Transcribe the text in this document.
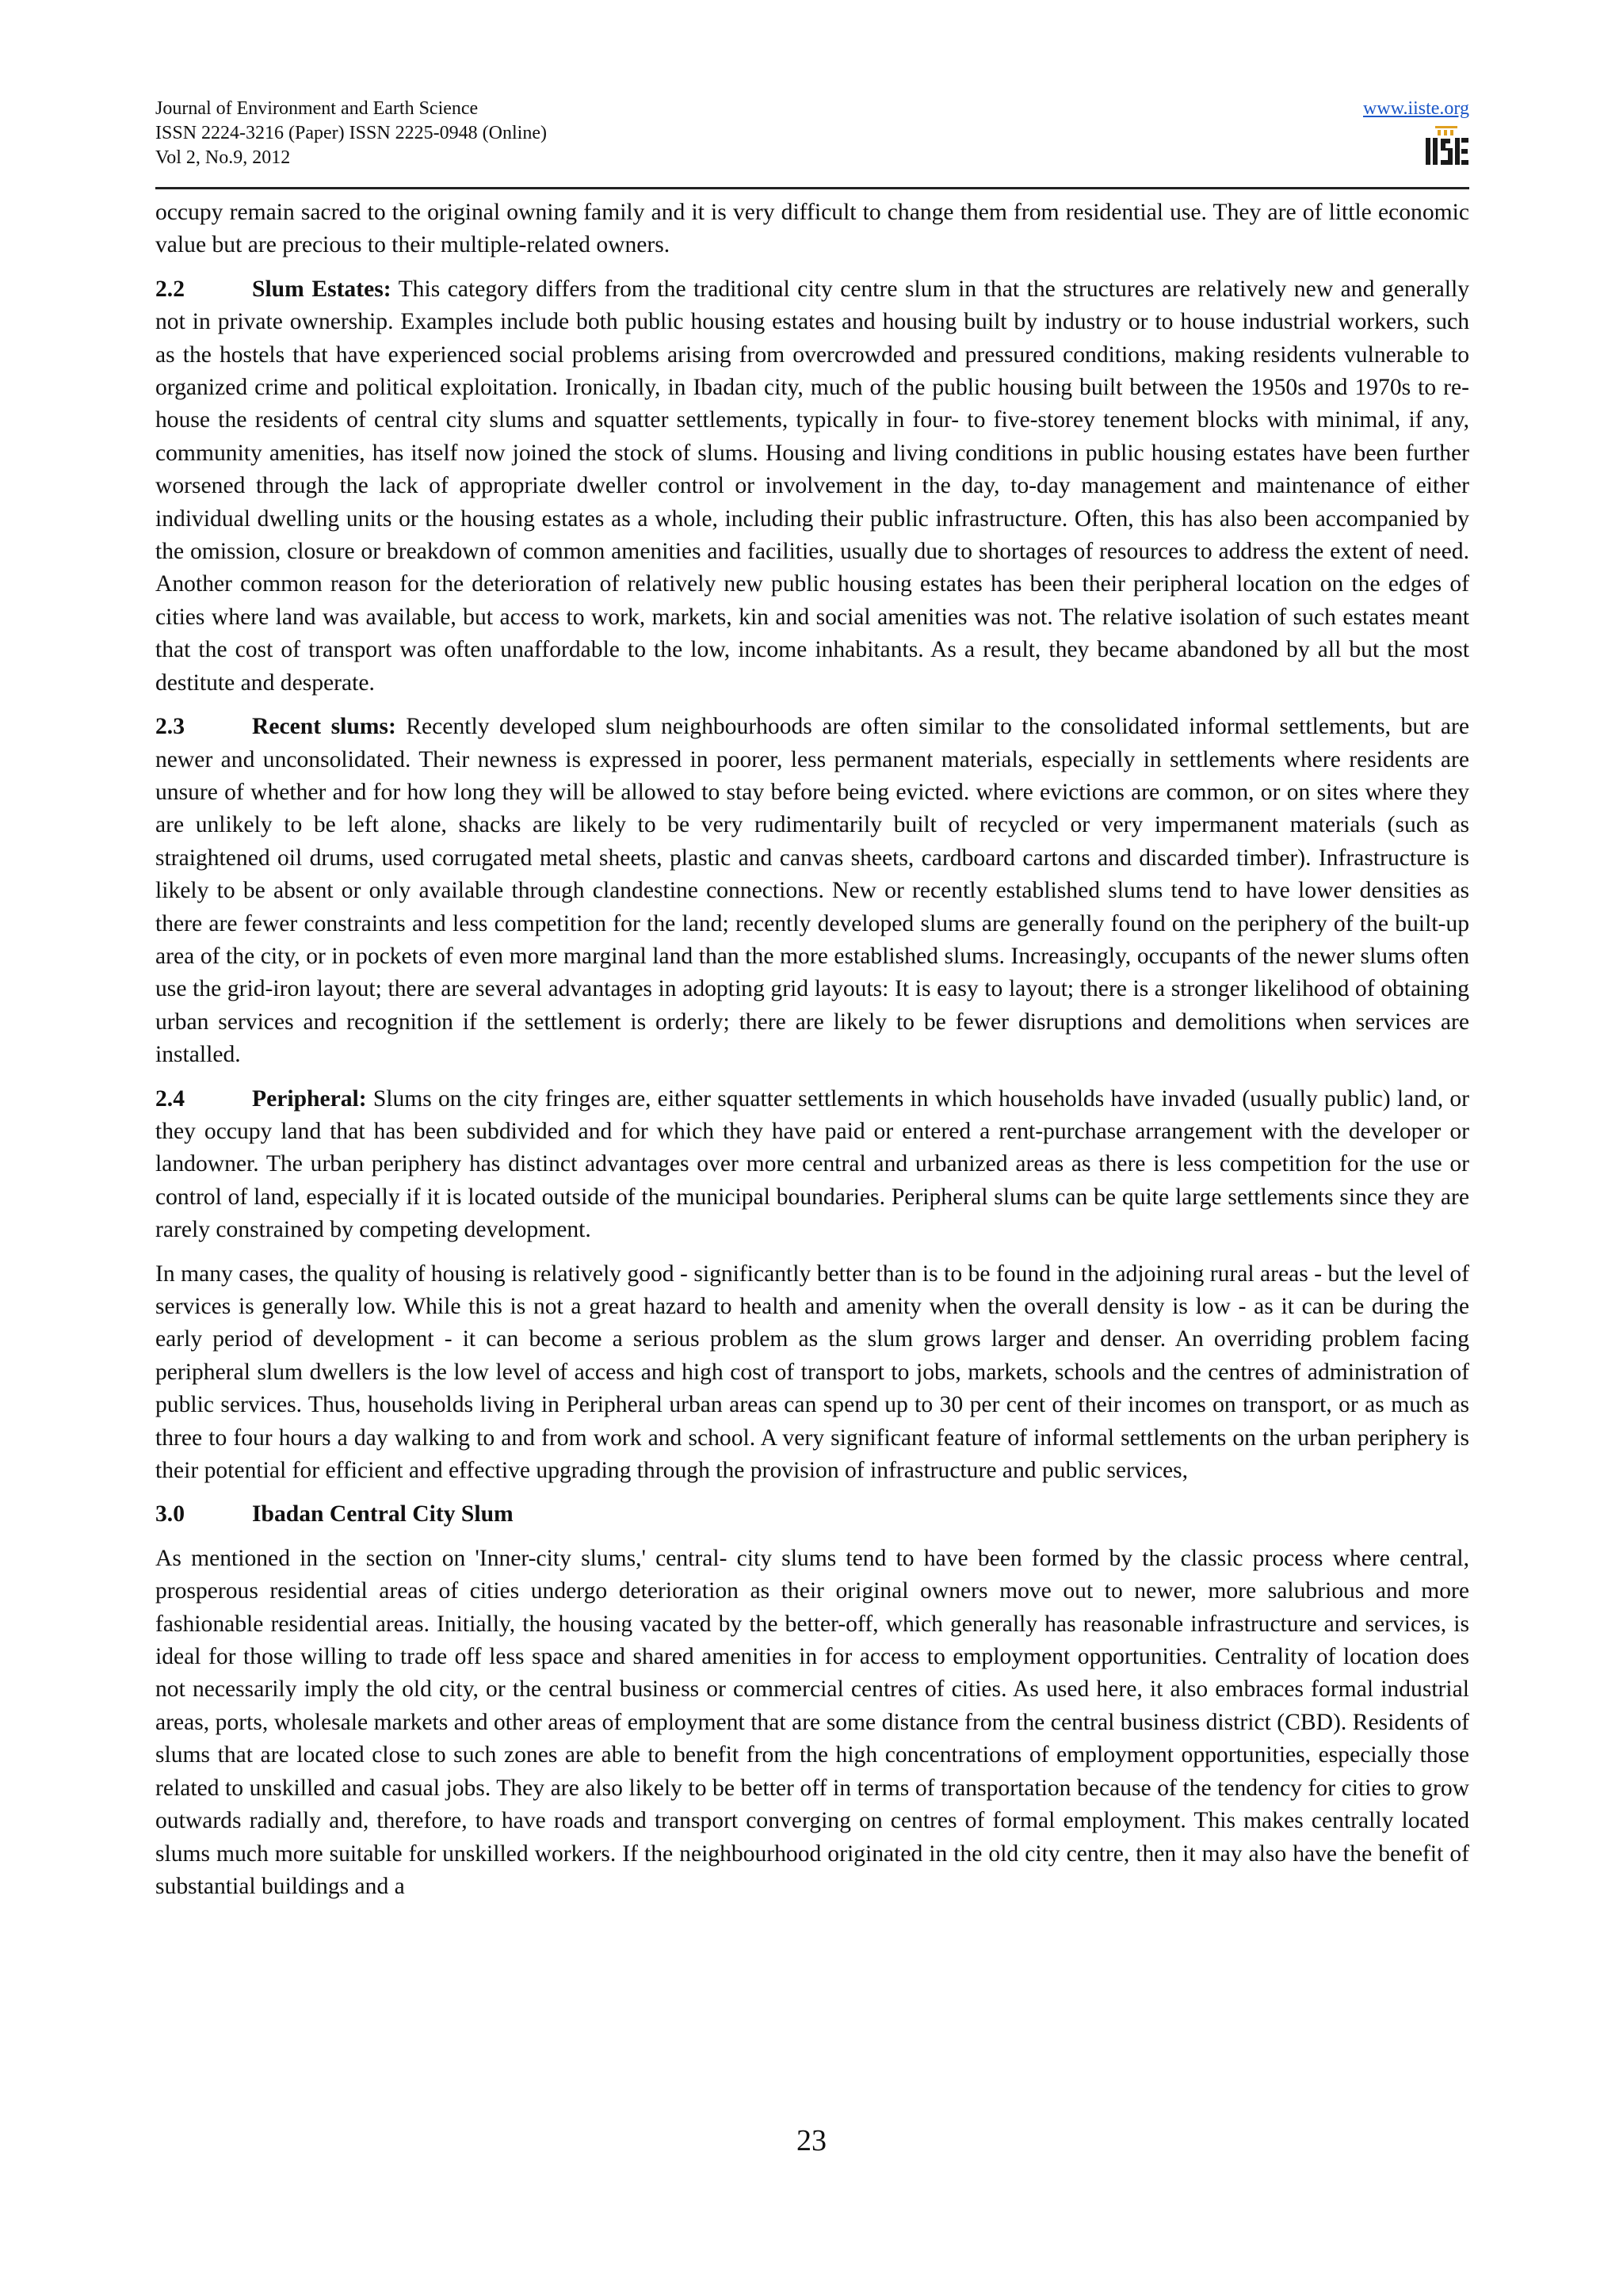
Journal of Environment and Earth Science
ISSN 2224-3216 (Paper) ISSN 2225-0948 (Online)
Vol 2, No.9, 2012
www.iiste.org

occupy remain sacred to the original owning family and it is very difficult to change them from residential use. They are of little economic value but are precious to their multiple-related owners.

2.2	Slum Estates: This category differs from the traditional city centre slum in that the structures are relatively new and generally not in private ownership. Examples include both public housing estates and housing built by industry or to house industrial workers, such as the hostels that have experienced social problems arising from overcrowded and pressured conditions, making residents vulnerable to organized crime and political exploitation. Ironically, in Ibadan city, much of the public housing built between the 1950s and 1970s to re-house the residents of central city slums and squatter settlements, typically in four- to five-storey tenement blocks with minimal, if any, community amenities, has itself now joined the stock of slums. Housing and living conditions in public housing estates have been further worsened through the lack of appropriate dweller control or involvement in the day, to-day management and maintenance of either individual dwelling units or the housing estates as a whole, including their public infrastructure. Often, this has also been accompanied by the omission, closure or breakdown of common amenities and facilities, usually due to shortages of resources to address the extent of need. Another common reason for the deterioration of relatively new public housing estates has been their peripheral location on the edges of cities where land was available, but access to work, markets, kin and social amenities was not. The relative isolation of such estates meant that the cost of transport was often unaffordable to the low, income inhabitants. As a result, they became abandoned by all but the most destitute and desperate.

2.3	Recent slums: Recently developed slum neighbourhoods are often similar to the consolidated informal settlements, but are newer and unconsolidated. Their newness is expressed in poorer, less permanent materials, especially in settlements where residents are unsure of whether and for how long they will be allowed to stay before being evicted. where evictions are common, or on sites where they are unlikely to be left alone, shacks are likely to be very rudimentarily built of recycled or very impermanent materials (such as straightened oil drums, used corrugated metal sheets, plastic and canvas sheets, cardboard cartons and discarded timber). Infrastructure is likely to be absent or only available through clandestine connections. New or recently established slums tend to have lower densities as there are fewer constraints and less competition for the land; recently developed slums are generally found on the periphery of the built-up area of the city, or in pockets of even more marginal land than the more established slums. Increasingly, occupants of the newer slums often use the grid-iron layout; there are several advantages in adopting grid layouts: It is easy to layout; there is a stronger likelihood of obtaining urban services and recognition if the settlement is orderly; there are likely to be fewer disruptions and demolitions when services are installed.

2.4	Peripheral: Slums on the city fringes are, either squatter settlements in which households have invaded (usually public) land, or they occupy land that has been subdivided and for which they have paid or entered a rent-purchase arrangement with the developer or landowner. The urban periphery has distinct advantages over more central and urbanized areas as there is less competition for the use or control of land, especially if it is located outside of the municipal boundaries. Peripheral slums can be quite large settlements since they are rarely constrained by competing development.

In many cases, the quality of housing is relatively good - significantly better than is to be found in the adjoining rural areas - but the level of services is generally low. While this is not a great hazard to health and amenity when the overall density is low - as it can be during the early period of development - it can become a serious problem as the slum grows larger and denser. An overriding problem facing peripheral slum dwellers is the low level of access and high cost of transport to jobs, markets, schools and the centres of administration of public services. Thus, households living in Peripheral urban areas can spend up to 30 per cent of their incomes on transport, or as much as three to four hours a day walking to and from work and school. A very significant feature of informal settlements on the urban periphery is their potential for efficient and effective upgrading through the provision of infrastructure and public services,

3.0	Ibadan Central City Slum

As mentioned in the section on 'Inner-city slums,' central- city slums tend to have been formed by the classic process where central, prosperous residential areas of cities undergo deterioration as their original owners move out to newer, more salubrious and more fashionable residential areas. Initially, the housing vacated by the better-off, which generally has reasonable infrastructure and services, is ideal for those willing to trade off less space and shared amenities in for access to employment opportunities. Centrality of location does not necessarily imply the old city, or the central business or commercial centres of cities. As used here, it also embraces formal industrial areas, ports, wholesale markets and other areas of employment that are some distance from the central business district (CBD). Residents of slums that are located close to such zones are able to benefit from the high concentrations of employment opportunities, especially those related to unskilled and casual jobs. They are also likely to be better off in terms of transportation because of the tendency for cities to grow outwards radially and, therefore, to have roads and transport converging on centres of formal employment. This makes centrally located slums much more suitable for unskilled workers. If the neighbourhood originated in the old city centre, then it may also have the benefit of substantial buildings and a

23
